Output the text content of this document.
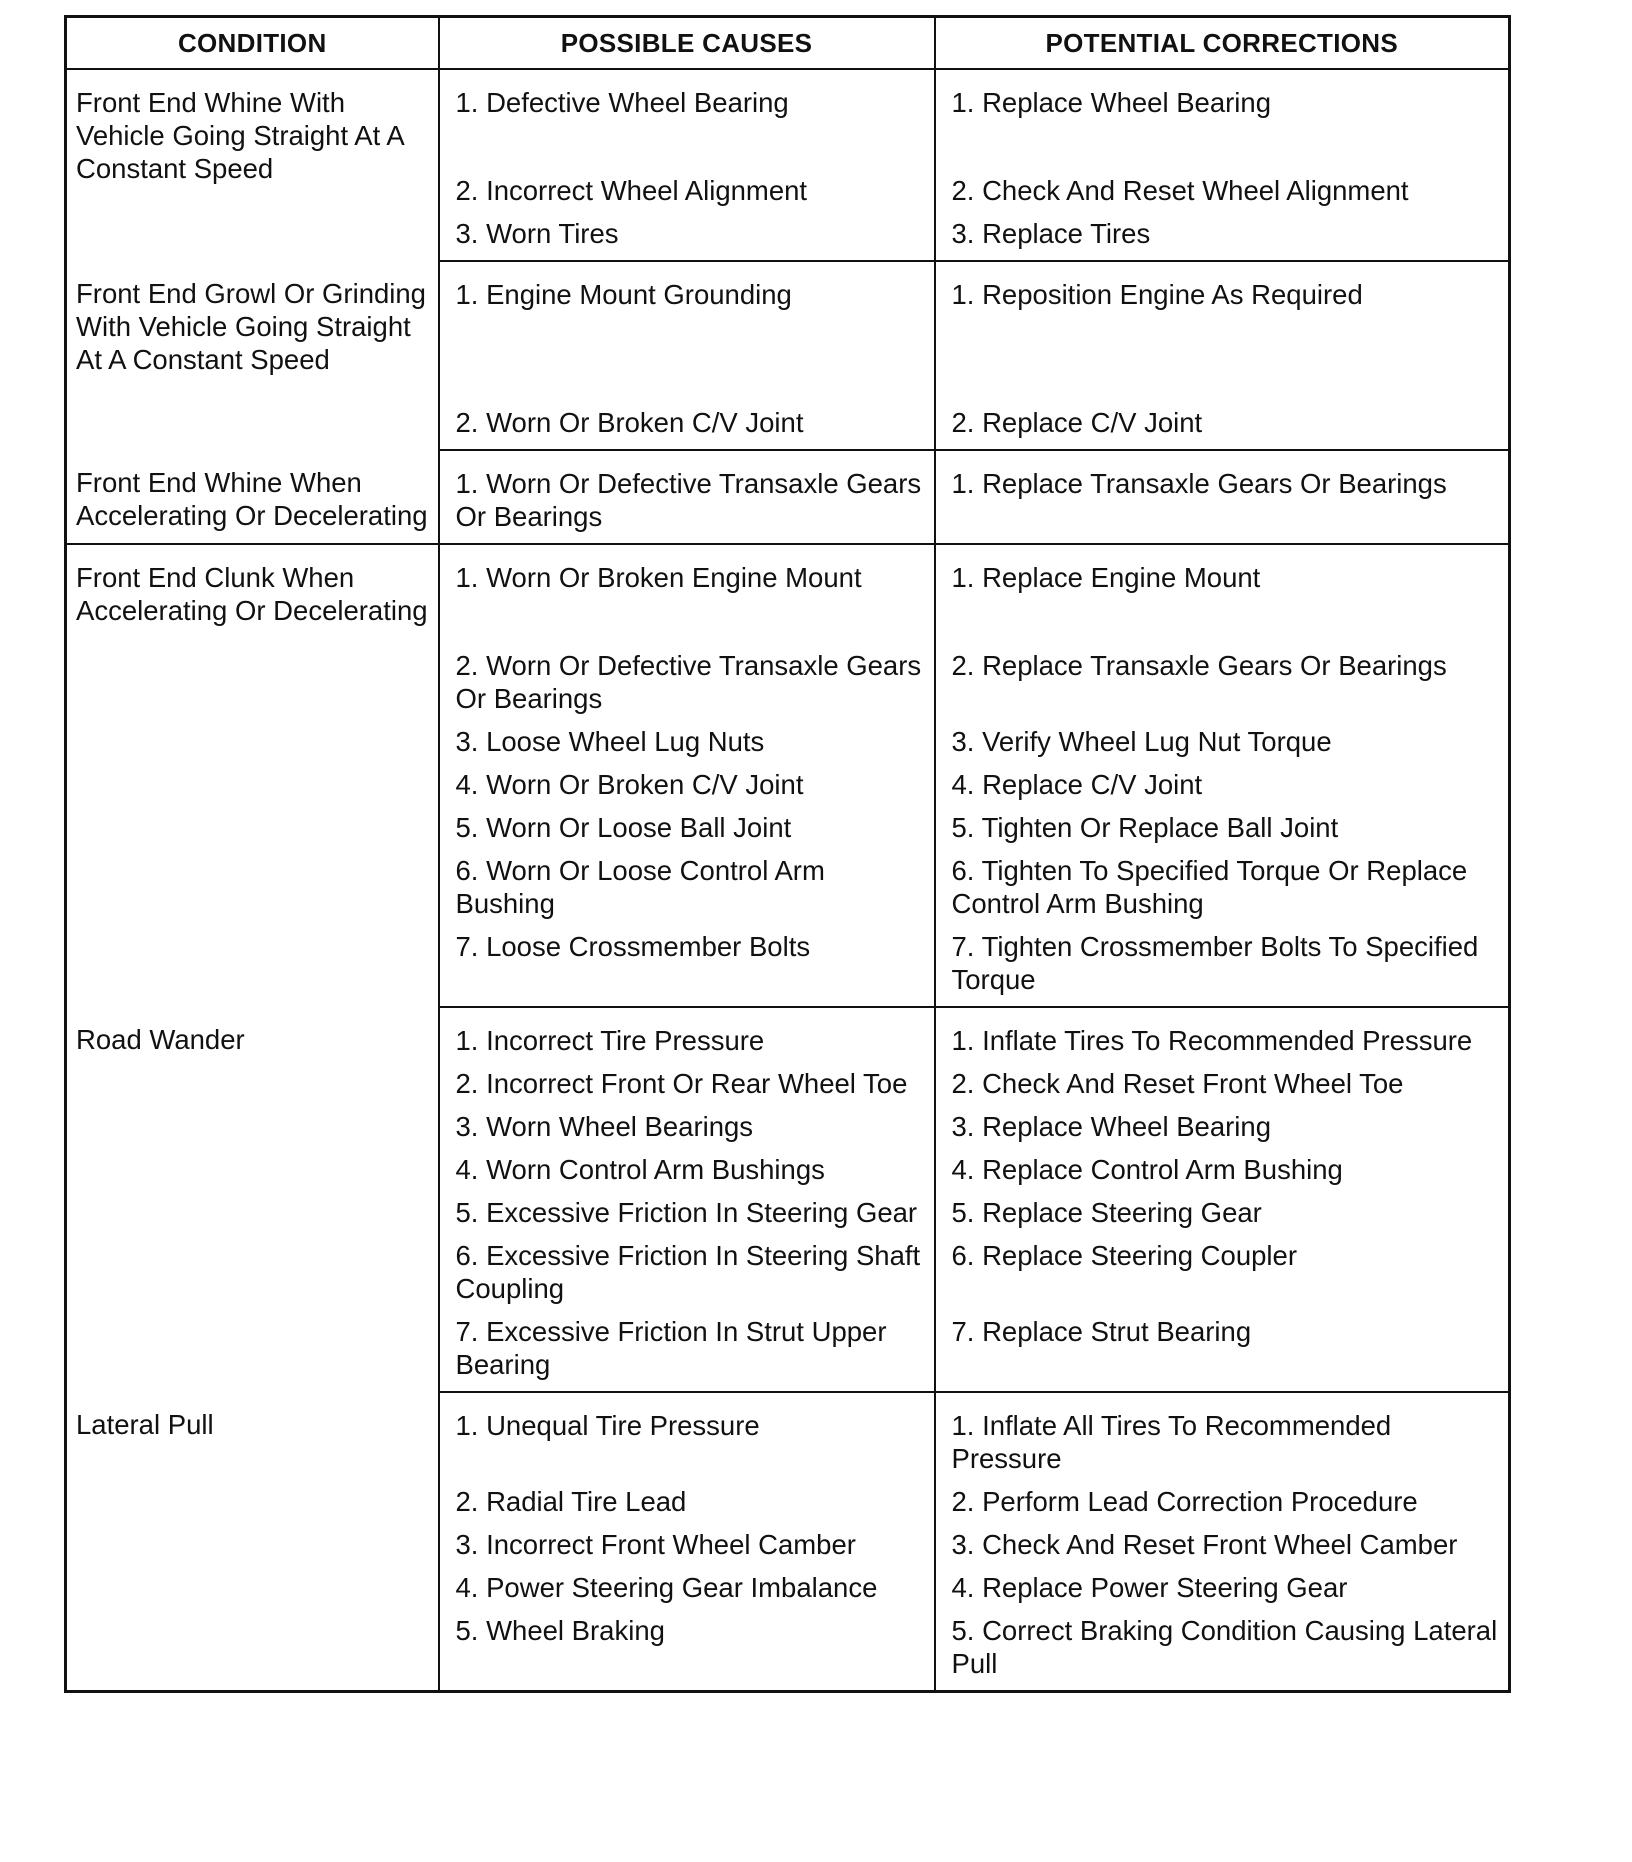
CONDITION	POSSIBLE CAUSES	POTENTIAL CORRECTIONS

Front End Whine With Vehicle Going Straight At A Constant Speed	1. Defective Wheel Bearing	1. Replace Wheel Bearing

	2. Incorrect Wheel Alignment	2. Check And Reset Wheel Alignment

	3. Worn Tires	3. Replace Tires

Front End Growl Or Grinding With Vehicle Going Straight At A Constant Speed	1. Engine Mount Grounding	1. Reposition Engine As Required

	2. Worn Or Broken C/V Joint	2. Replace C/V Joint

Front End Whine When Accelerating Or Decelerating	1. Worn Or Defective Transaxle Gears Or Bearings	1. Replace Transaxle Gears Or Bearings

Front End Clunk When Accelerating Or Decelerating	1. Worn Or Broken Engine Mount	1. Replace Engine Mount

	2. Worn Or Defective Transaxle Gears Or Bearings	2. Replace Transaxle Gears Or Bearings

	3. Loose Wheel Lug Nuts	3. Verify Wheel Lug Nut Torque

	4. Worn Or Broken C/V Joint	4. Replace C/V Joint

	5. Worn Or Loose Ball Joint	5. Tighten Or Replace Ball Joint

	6. Worn Or Loose Control Arm Bushing	6. Tighten To Specified Torque Or Replace Control Arm Bushing

	7. Loose Crossmember Bolts	7. Tighten Crossmember Bolts To Specified Torque

Road Wander	1. Incorrect Tire Pressure	1. Inflate Tires To Recommended Pressure

	2. Incorrect Front Or Rear Wheel Toe	2. Check And Reset Front Wheel Toe

	3. Worn Wheel Bearings	3. Replace Wheel Bearing

	4. Worn Control Arm Bushings	4. Replace Control Arm Bushing

	5. Excessive Friction In Steering Gear	5. Replace Steering Gear

	6. Excessive Friction In Steering Shaft Coupling	6. Replace Steering Coupler

	7. Excessive Friction In Strut Upper Bearing	7. Replace Strut Bearing

Lateral Pull	1. Unequal Tire Pressure	1. Inflate All Tires To Recommended Pressure

	2. Radial Tire Lead	2. Perform Lead Correction Procedure

	3. Incorrect Front Wheel Camber	3. Check And Reset Front Wheel Camber

	4. Power Steering Gear Imbalance	4. Replace Power Steering Gear

	5. Wheel Braking	5. Correct Braking Condition Causing Lateral Pull
